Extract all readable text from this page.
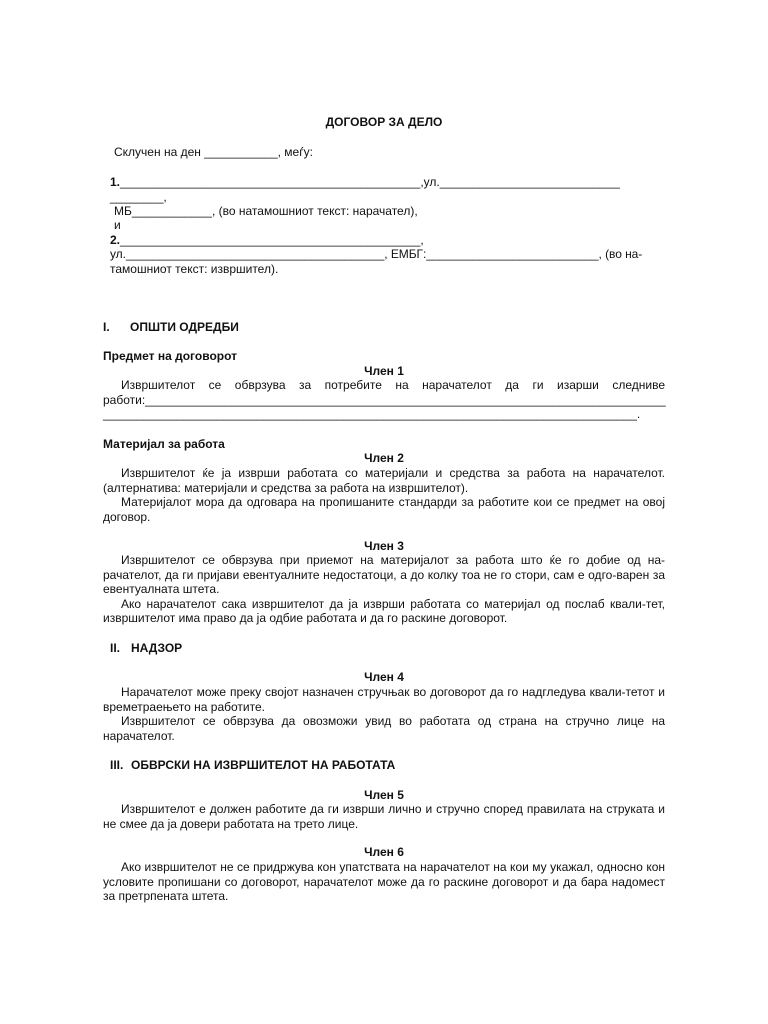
ДОГОВОР ЗА ДЕЛО
Склучен на ден ___________, меѓу:
1._____________________________________________,ул.___________________________
________,
МБ____________, (во натамошниот текст: нарачател),
и
2._____________________________________________,
ул._______________________________________, ЕМБГ:__________________________, (во на-
тамошниот текст: извршител).
I. ОПШТИ ОДРЕДБИ
Предмет на договорот
Член 1
Извршителот се обврзува за потребите на нарачателот да ги изарши следниве работи:______________________________________________________________________________ ________________________________________________________________________________.
Материјал за работа
Член 2

Извршителот ќе ја изврши работата со материјали и средства за работа на нарачателот. (алтернатива: материјали и средства за работа на извршителот).

Материјалот мора да одговара на пропишаните стандарди за работите кои се предмет на овој договор.

Член 3

Извршителот се обврзува при приемот на материјалот за работа што ќе го добие од на-рачателот, да ги пријави евентуалните недостатоци, а до колку тоа не го стори, сам е одго-варен за евентуалната штета.

Ако нарачателот сака извршителот да ја изврши работата со материјал од послаб квали-тет, извршителот има право да ја одбие работата и да го раскине договорот.

II. НАДЗОР
Член 4

Нарачателот може преку својот назначен стручњак во договорот да го надгледува квали-тетот и времетраењето на работите.

Извршителот се обврзува да овозможи увид во работата од страна на стручно лице на нарачателот.

III. ОБВРСКИ НА ИЗВРШИТЕЛОТ НА РАБОТАТА
Член 5
Извршителот е должен работите да ги изврши лично и стручно според правилата на струката и не смее да ја довери работата на трето лице.
Член 6
Ако извршителот не се придржува кон упатствата на нарачателот на кои му укажал, односно кон условите пропишани со договорот, нарачателот може да го раскине договорот и да бара надомест за претрпената штета.
